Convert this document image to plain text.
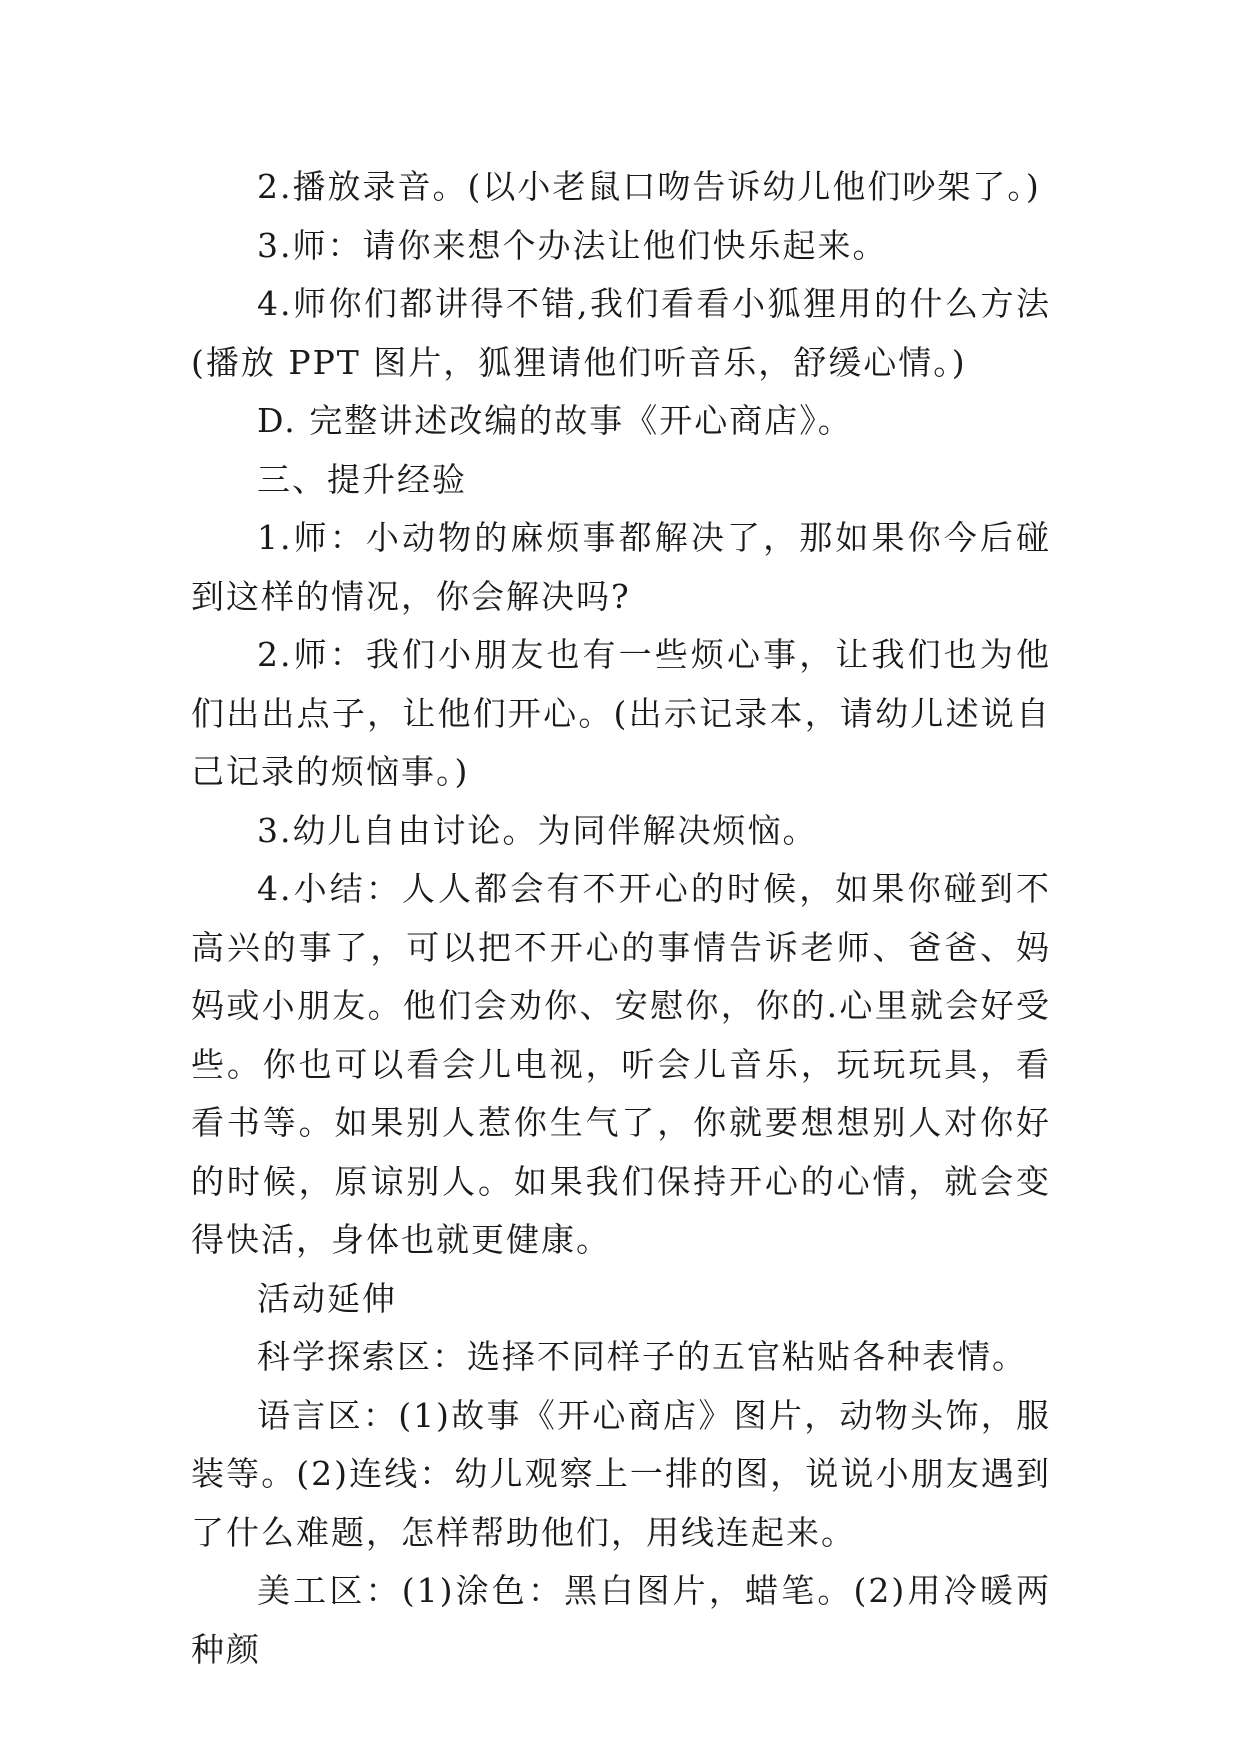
2.播放录音。(以小老鼠口吻告诉幼儿他们吵架了。)

3.师：请你来想个办法让他们快乐起来。

4.师你们都讲得不错,我们看看小狐狸用的什么方法(播放 PPT 图片，狐狸请他们听音乐，舒缓心情。)

D. 完整讲述改编的故事《开心商店》。

三、提升经验

1.师：小动物的麻烦事都解决了，那如果你今后碰到这样的情况，你会解决吗?

2.师：我们小朋友也有一些烦心事，让我们也为他们出出点子，让他们开心。(出示记录本，请幼儿述说自己记录的烦恼事。)

3.幼儿自由讨论。为同伴解决烦恼。

4.小结：人人都会有不开心的时候，如果你碰到不高兴的事了，可以把不开心的事情告诉老师、爸爸、妈妈或小朋友。他们会劝你、安慰你，你的.心里就会好受些。你也可以看会儿电视，听会儿音乐，玩玩玩具，看看书等。如果别人惹你生气了，你就要想想别人对你好的时候，原谅别人。如果我们保持开心的心情，就会变得快活，身体也就更健康。

活动延伸

科学探索区：选择不同样子的五官粘贴各种表情。

语言区：(1)故事《开心商店》图片，动物头饰，服装等。(2)连线：幼儿观察上一排的图，说说小朋友遇到了什么难题，怎样帮助他们，用线连起来。

美工区：(1)涂色：黑白图片，蜡笔。(2)用冷暖两种颜
